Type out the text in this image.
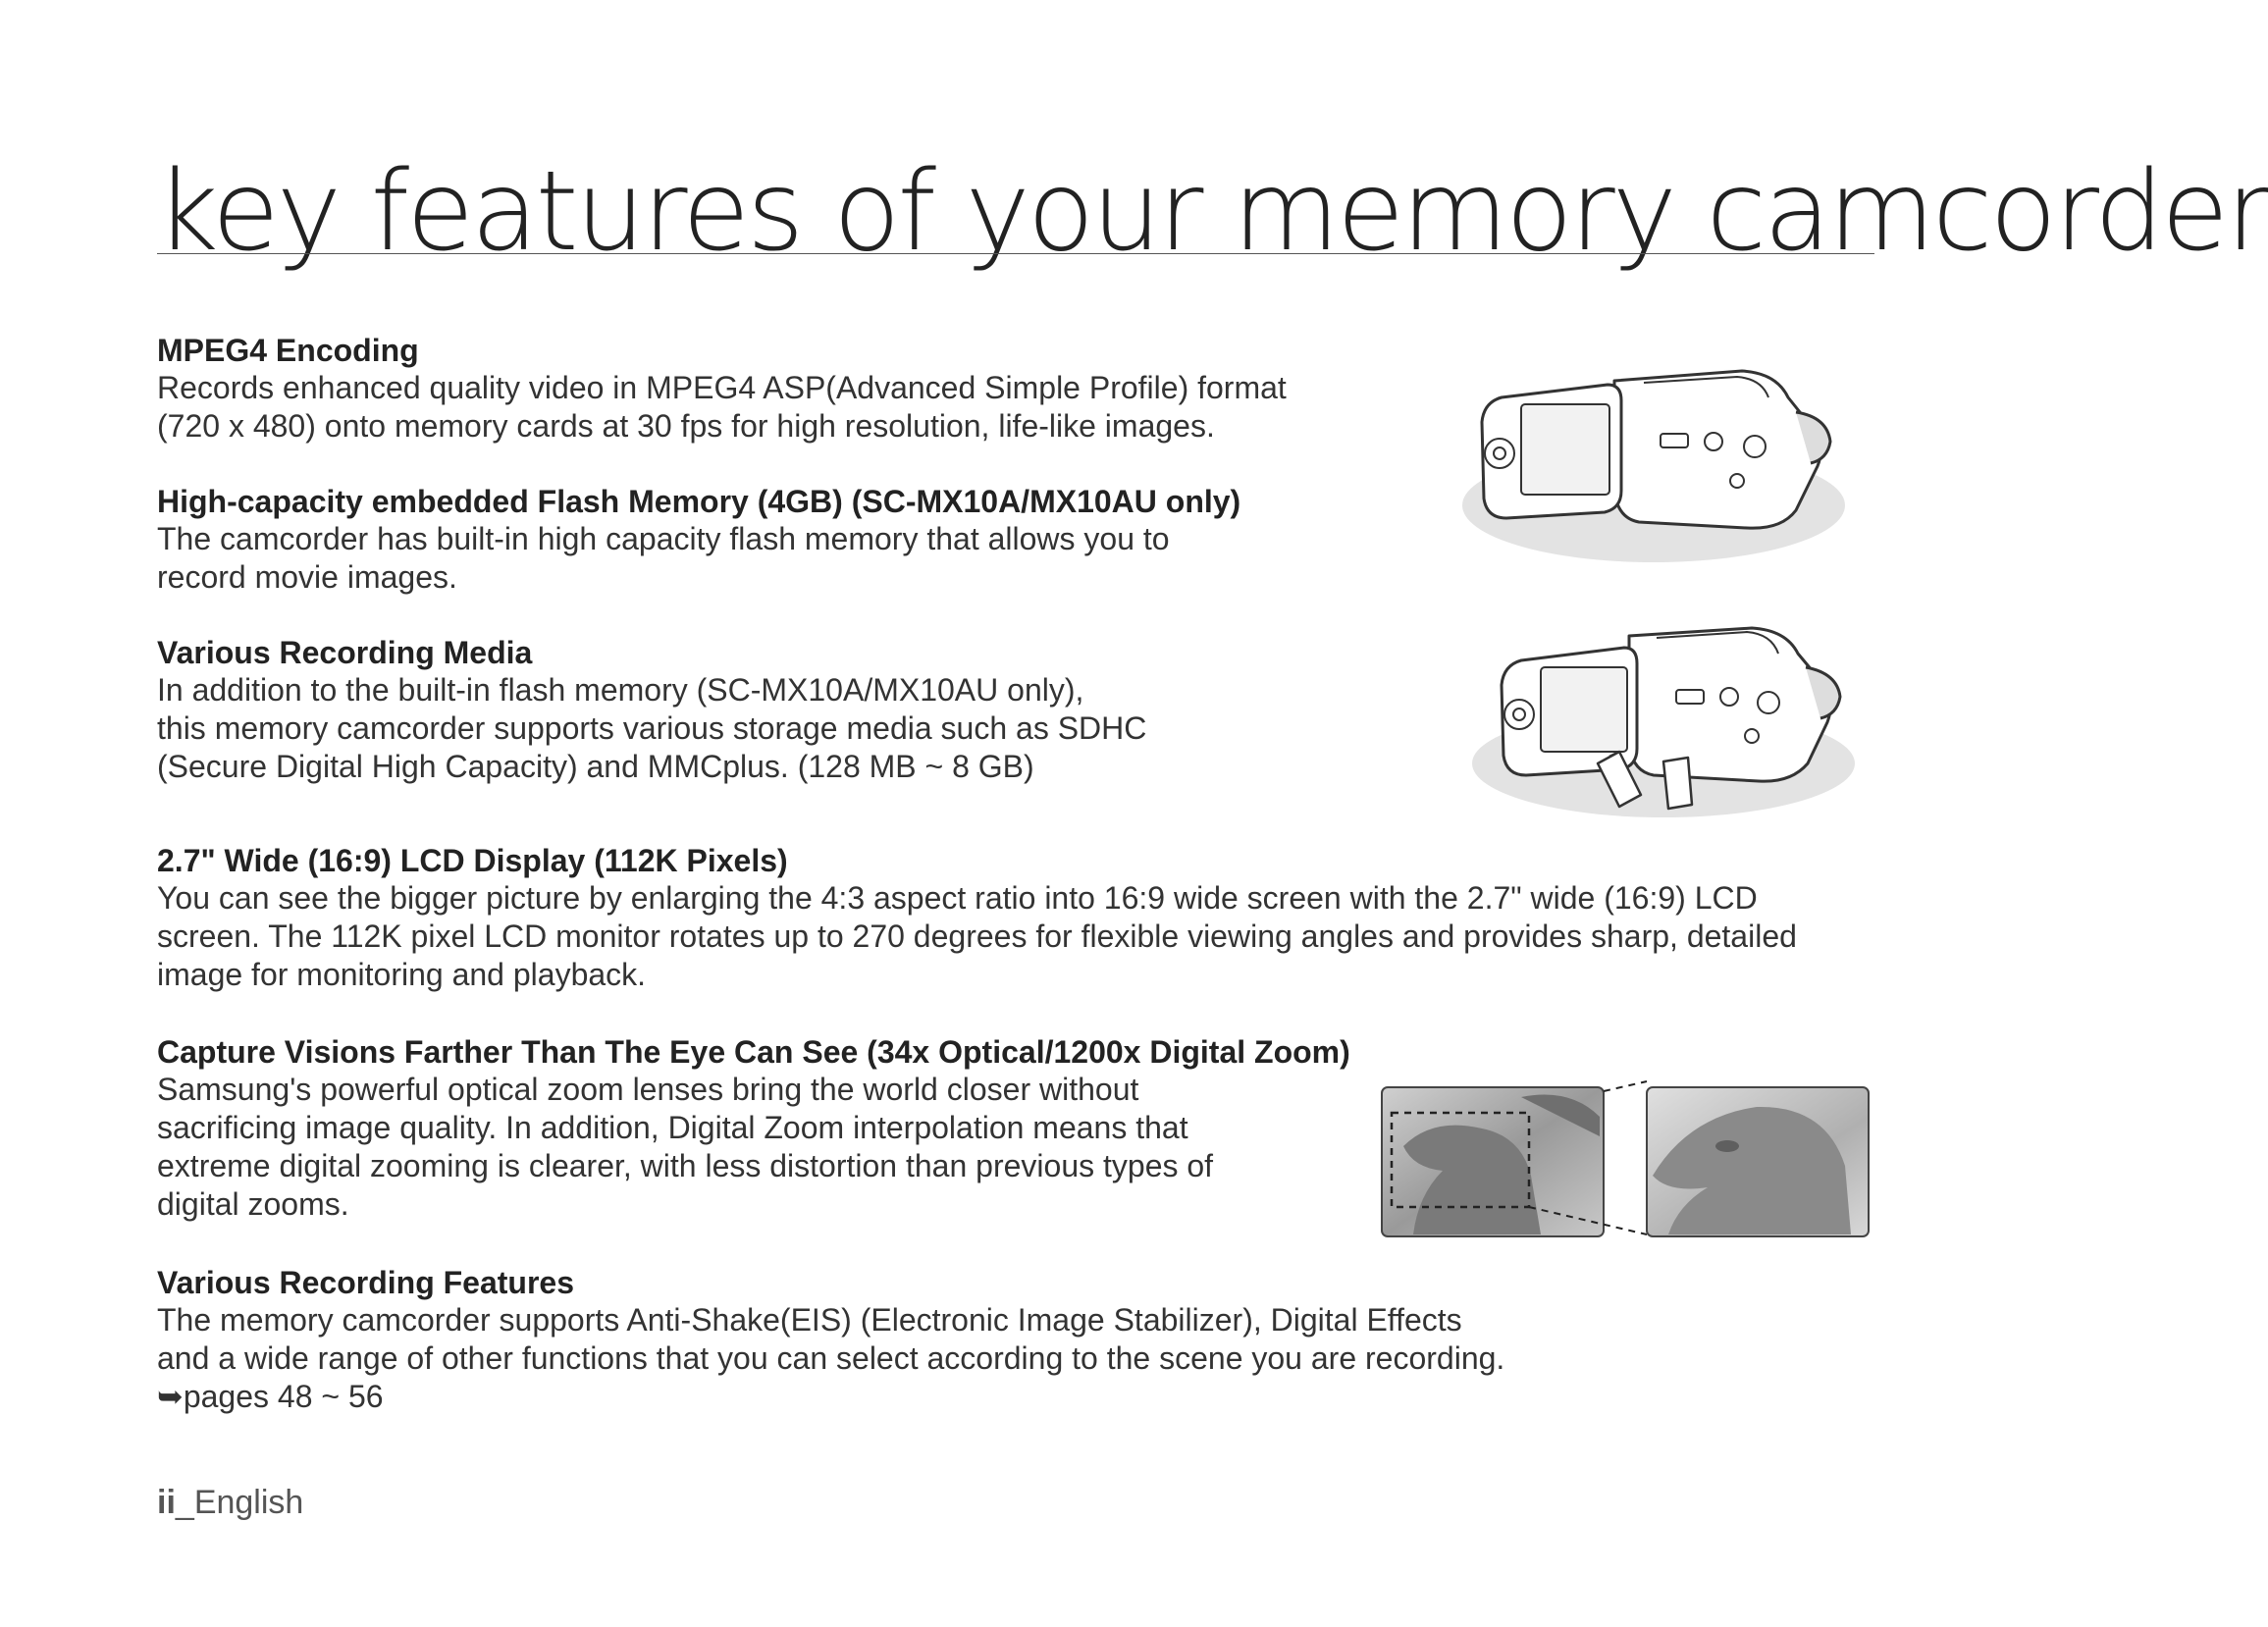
key features of your memory camcorder
MPEG4 Encoding

Records enhanced quality video in MPEG4 ASP(Advanced Simple Profile) format
(720 x 480) onto memory cards at 30 fps for high resolution, life-like images.

High-capacity embedded Flash Memory (4GB) (SC-MX10A/MX10AU only)

The camcorder has built-in high capacity flash memory that allows you to
record movie images.

Various Recording Media

In addition to the built-in flash memory (SC-MX10A/MX10AU only),
this memory camcorder supports various storage media such as SDHC
(Secure Digital High Capacity) and MMCplus. (128 MB ~ 8 GB)

2.7" Wide (16:9) LCD Display (112K Pixels)

You can see the bigger picture by enlarging the 4:3 aspect ratio into 16:9 wide screen with the 2.7" wide (16:9) LCD
screen. The 112K pixel LCD monitor rotates up to 270 degrees for flexible viewing angles and provides sharp, detailed
image for monitoring and playback.

Capture Visions Farther Than The Eye Can See (34x Optical/1200x Digital Zoom)

Samsung's powerful optical zoom lenses bring the world closer without
sacrificing image quality. In addition, Digital Zoom interpolation means that
extreme digital zooming is clearer, with less distortion than previous types of
digital zooms.

Various Recording Features

The memory camcorder supports Anti-Shake(EIS) (Electronic Image Stabilizer), Digital Effects
and a wide range of other functions that you can select according to the scene you are recording.

➥pages 48 ~ 56

ii_English
